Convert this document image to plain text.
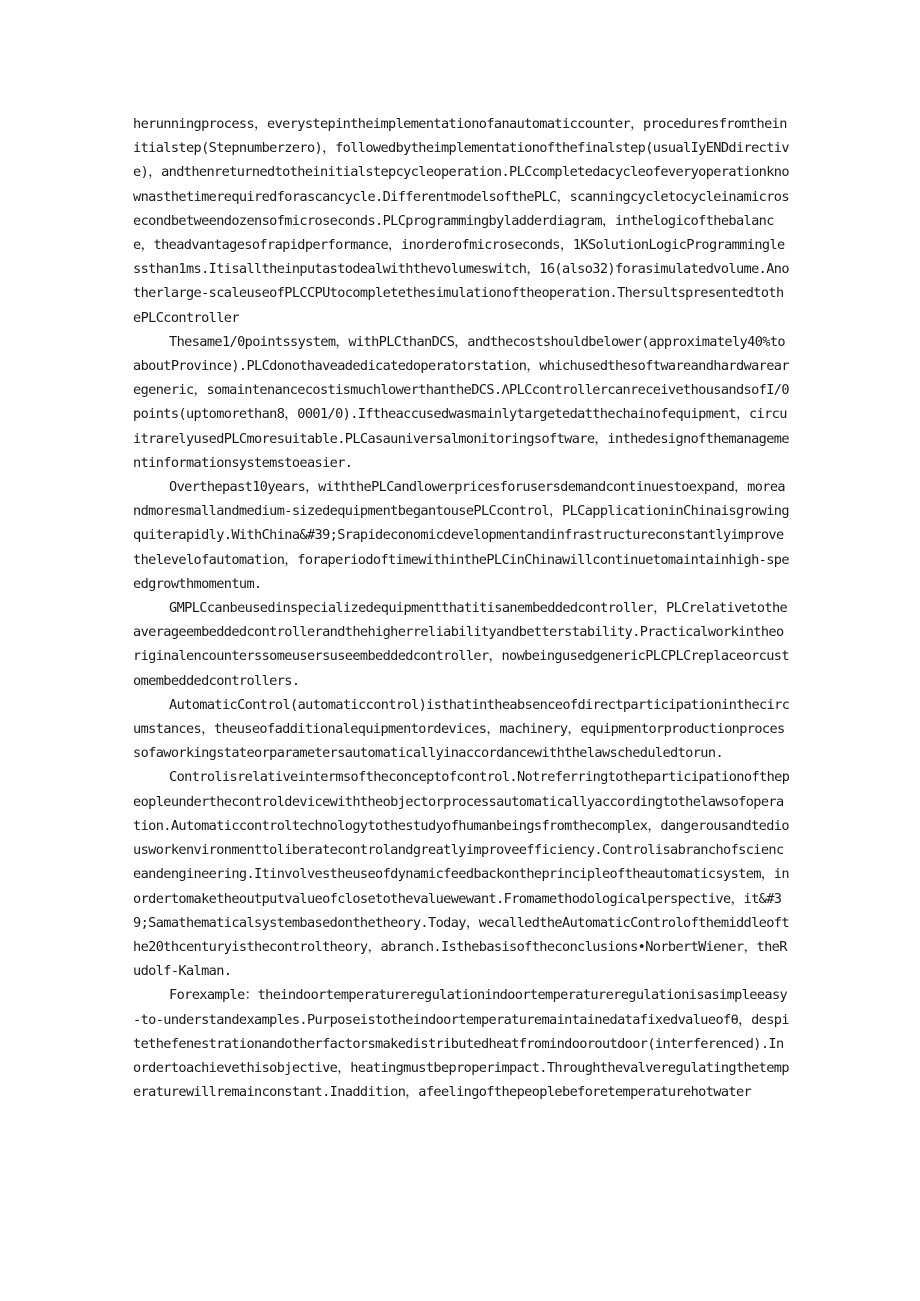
herunningprocess，everystepintheimplementationofanautomaticcounter，proceduresfromtheinitialstep(Stepnumberzero)，followedbytheimplementationofthefinalstep(usualIyENDdirective)，andthenreturnedtotheinitialstepcycleoperation.PLCcompletedacycleofeveryoperationknownasthetimerequiredforascancycle.DifferentmodelsofthePLC，scanningcycletocycleinamicrosecondbetweendozensofmicroseconds.PLCprogrammingbyladderdiagram，inthelogicofthebalance，theadvantagesofrapidperformance，inorderofmicroseconds，1KSolutionLogicProgramminglessthan1ms.Itisalltheinputastodealwiththevolumeswitch，16(also32)forasimulatedvolume.Anotherlarge-scaleuseofPLCCPUtocompletethesimulationoftheoperation.ThersultspresentedtothePLCcontroller

Thesame1/0pointssystem，withPLCthanDCS，andthecostshouldbelower(approximately40%toaboutProvince).PLCdonothaveadedicatedoperatorstation，whichusedthesoftwareandhardwarearegeneric，somaintenancecostismuchlowerthantheDCS.ΛPLCcontrollercanreceivethousandsofI/0points(uptomorethan8，0001/0).Iftheaccusedwasmainlytargetedatthechainofequipment，circuitrarelyusedPLCmoresuitable.PLCasauniversalmonitoringsoftware，inthedesignofthemanagementinformationsystemstoeasier.

Overthepast10years，withthePLCandlowerpricesforusersdemandcontinuestoexpand，moreandmoresmallandmedium-sizedequipmentbegantousePLCcontrol，PLCapplicationinChinaisgrowingquiterapidly.WithChina&#39;Srapideconomicdevelopmentandinfrastructureconstantlyimprovethelevelofautomation，foraperiodoftimewithinthePLCinChinawillcontinuetomaintainhigh-speedgrowthmomentum.

GMPLCcanbeusedinspecializedequipmentthatitisanembeddedcontroller，PLCrelativetotheaverageembeddedcontrollerandthehigherreliabilityandbetterstability.Practicalworkintheoriginalencounterssomeusersuseembeddedcontroller，nowbeingusedgenericPLCPLCreplaceorcustomembeddedcontrollers.

AutomaticControl(automaticcontrol)isthatintheabsenceofdirectparticipationinthecircumstances，theuseofadditionalequipmentordevices，machinery，equipmentorproductionprocessofaworkingstateorparametersautomaticallyinaccordancewiththelawscheduledtorun.

Controlisrelativeintermsoftheconceptofcontrol.Notreferringtotheparticipationofthepeopleunderthecontroldevicewiththeobjectorprocessautomaticallyaccordingtothelawsofoperation.Automaticcontroltechnologytothestudyofhumanbeingsfromthecomplex，dangerousandtediousworkenvironmenttoliberatecontrolandgreatlyimproveefficiency.Controlisabranchofscienceandengineering.Itinvolvestheuseofdynamicfeedbackontheprincipleoftheautomaticsystem，inordertomaketheoutputvalueofclosetothevaluewewant.Fromamethodologicalperspective，it&#39;Samathematicalsystembasedonthetheory.Today，wecalledtheAutomaticControlofthemiddleofthe20thcenturyisthecontroltheory，abranch.Isthebasisoftheconclusions•NorbertWiener，theRudolf-Kalman.

Forexample：theindoortemperatureregulationindoortemperatureregulationisasimpleeasy-to-understandexamples.Purposeistotheindoortemperaturemaintainedatafixedvalueofθ，despitethefenestrationandotherfactorsmakedistributedheatfromindooroutdoor(interferenced).Inordertoachievethisobjective，heatingmustbeproperimpact.Throughthevalveregulatingthetemperaturewillremainconstant.Inaddition，afeelingofthepeoplebeforetemperaturehotwater
